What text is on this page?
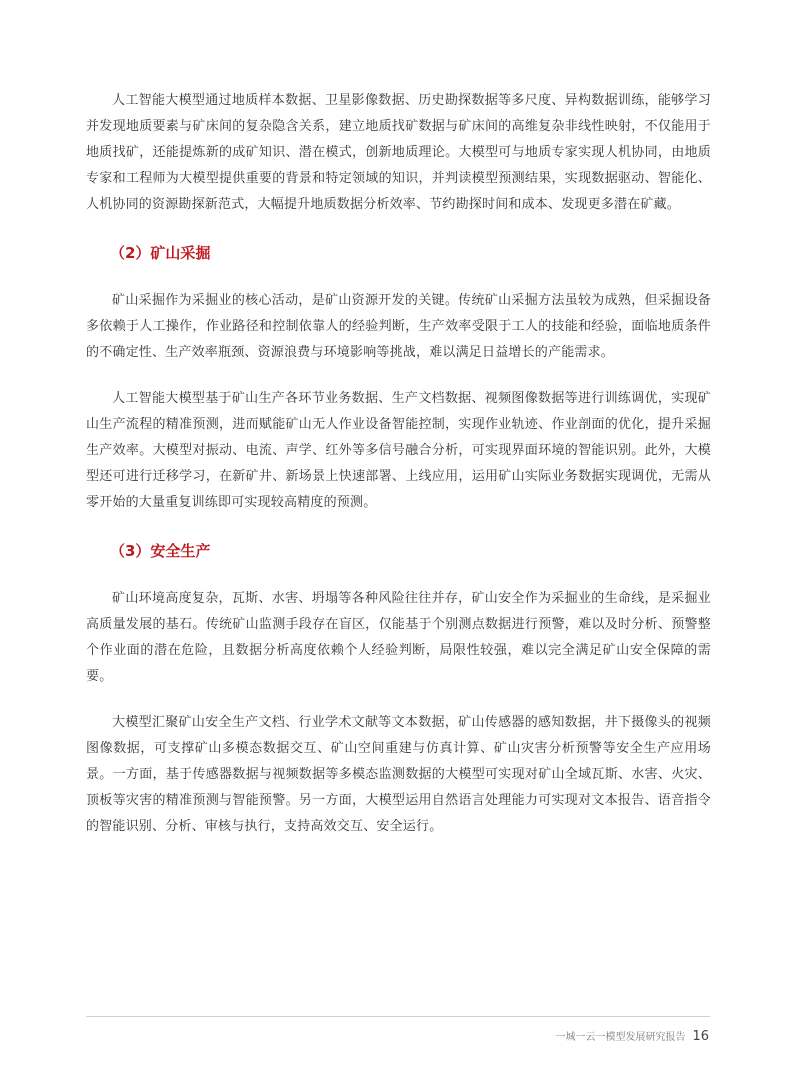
人工智能大模型通过地质样本数据、卫星影像数据、历史勘探数据等多尺度、异构数据训练，能够学习并发现地质要素与矿床间的复杂隐含关系，建立地质找矿数据与矿床间的高维复杂非线性映射，不仅能用于地质找矿，还能提炼新的成矿知识、潜在模式，创新地质理论。大模型可与地质专家实现人机协同，由地质专家和工程师为大模型提供重要的背景和特定领域的知识，并判读模型预测结果，实现数据驱动、智能化、人机协同的资源勘探新范式，大幅提升地质数据分析效率、节约勘探时间和成本、发现更多潜在矿藏。

（2）矿山采掘

矿山采掘作为采掘业的核心活动，是矿山资源开发的关键。传统矿山采掘方法虽较为成熟，但采掘设备多依赖于人工操作，作业路径和控制依靠人的经验判断，生产效率受限于工人的技能和经验，面临地质条件的不确定性、生产效率瓶颈、资源浪费与环境影响等挑战，难以满足日益增长的产能需求。

人工智能大模型基于矿山生产各环节业务数据、生产文档数据、视频图像数据等进行训练调优，实现矿山生产流程的精准预测，进而赋能矿山无人作业设备智能控制，实现作业轨迹、作业剖面的优化，提升采掘生产效率。大模型对振动、电流、声学、红外等多信号融合分析，可实现界面环境的智能识别。此外，大模型还可进行迁移学习，在新矿井、新场景上快速部署、上线应用，运用矿山实际业务数据实现调优，无需从零开始的大量重复训练即可实现较高精度的预测。

（3）安全生产

矿山环境高度复杂，瓦斯、水害、坍塌等各种风险往往并存，矿山安全作为采掘业的生命线，是采掘业高质量发展的基石。传统矿山监测手段存在盲区，仅能基于个别测点数据进行预警，难以及时分析、预警整个作业面的潜在危险，且数据分析高度依赖个人经验判断，局限性较强，难以完全满足矿山安全保障的需要。

大模型汇聚矿山安全生产文档、行业学术文献等文本数据，矿山传感器的感知数据，井下摄像头的视频图像数据，可支撑矿山多模态数据交互、矿山空间重建与仿真计算、矿山灾害分析预警等安全生产应用场景。一方面，基于传感器数据与视频数据等多模态监测数据的大模型可实现对矿山全域瓦斯、水害、火灾、顶板等灾害的精准预测与智能预警。另一方面，大模型运用自然语言处理能力可实现对文本报告、语音指令的智能识别、分析、审核与执行，支持高效交互、安全运行。

一城一云一模型发展研究报告 16
